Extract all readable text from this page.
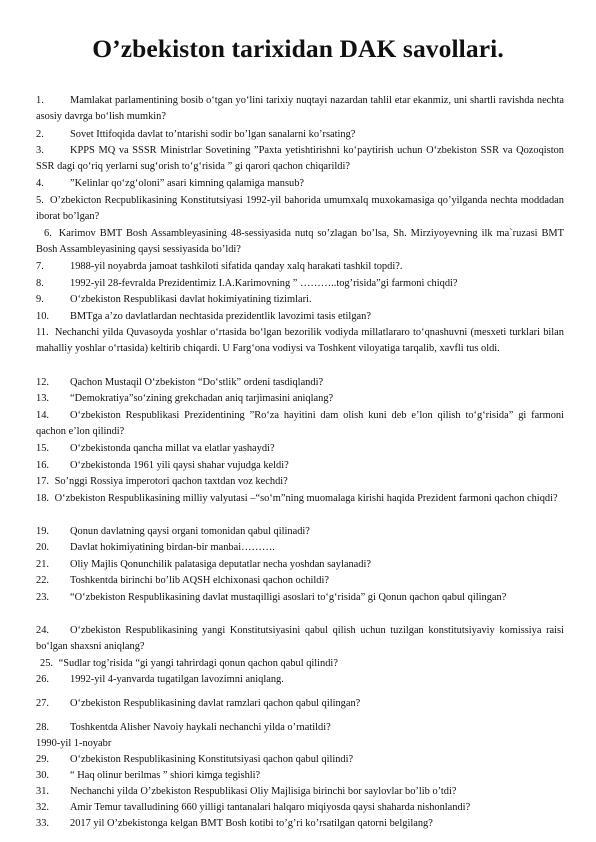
O’zbekiston tarixidan DAK savollari.
1.	Mamlakat parlamentining bosib o‘tgan yo‘lini tarixiy nuqtayi nazardan tahlil etar ekanmiz, uni shartli ravishda nechta asosiy davrga bo‘lish mumkin?
2.	Sovet Ittifoqida davlat to’ntarishi sodir bo’lgan sanalarni ko’rsating?
3.	KPPS MQ va SSSR Ministrlar Sovetining ”Paxta yetishtirishni ko‘paytirish uchun O‘zbekiston SSR va Qozoqiston SSR dagi qo‘riq yerlarni sug‘orish to‘g‘risida ” gi qarori qachon chiqarildi?
4.	”Kelinlar qo‘zg‘oloni” asari kimning qalamiga mansub?
5. O’zbekicton Recpublikasining Konstitutsiyasi 1992-yil bahorida umumxalq muxokamasiga qo’yilganda nechta moddadan iborat bo’lgan?
6. Karimov BMT Bosh Assambleyasining 48-sessiyasida nutq so’zlagan bo’lsa, Sh. Mirziyoyevning ilk ma`ruzasi BMT Bosh Assambleyasining qaysi sessiyasida bo’ldi?
7.	1988-yil noyabrda jamoat tashkiloti sifatida qanday xalq harakati tashkil topdi?.
8.	1992-yil 28-fevralda Prezidentimiz I.A.Karimovning ” ………..tog’risida”gi farmoni chiqdi?
9.	O‘zbekiston Respublikasi davlat hokimiyatining tizimlari.
10. BMTga a’zo davlatlardan nechtasida prezidentlik lavozimi tasis etilgan?
11. Nechanchi yilda Quvasoyda yoshlar o‘rtasida bo‘lgan bezorilik vodiyda millatlararo to‘qnashuvni (mesxeti turklari bilan mahalliy yoshlar o‘rtasida) keltirib chiqardi. U Farg‘ona vodiysi va Toshkent viloyatiga tarqalib, xavfli tus oldi.
12. Qachon Mustaqil O‘zbekiston “Do‘stlik” ordeni tasdiqlandi?
13. “Demokratiya”so‘zining grekchadan aniq tarjimasini aniqlang?
14. O‘zbekiston Respublikasi Prezidentining ”Ro‘za hayitini dam olish kuni deb e’lon qilish to‘g‘risida” gi farmoni qachon e’lon qilindi?
15. O‘zbekistonda qancha millat va elatlar yashaydi?
16. O‘zbekistonda 1961 yili qaysi shahar vujudga keldi?
17. So’nggi Rossiya imperotori qachon taxtdan voz kechdi?
18. O‘zbekiston Respublikasining milliy valyutasi –“so‘m”ning muomalaga kirishi haqida Prezident farmoni qachon chiqdi?
19. Qonun davlatning qaysi organi tomonidan qabul qilinadi?
20. Davlat hokimiyatining birdan-bir manbai……….
21. Oliy Majlis Qonunchilik palatasiga deputatlar necha yoshdan saylanadi?
22. Toshkentda birinchi bo’lib AQSH elchixonasi qachon ochildi?
23. “O‘zbekiston Respublikasining davlat mustaqilligi asoslari to‘g‘risida” gi Qonun qachon qabul qilingan?
24. O‘zbekiston Respublikasining yangi Konstitutsiyasini qabul qilish uchun tuzilgan konstitutsiyaviy komissiya raisi bo‘lgan shaxsni aniqlang?
25. “Sudlar tog’risida “gi yangi tahrirdagi qonun qachon qabul qilindi?
26. 1992-yil 4-yanvarda tugatilgan lavozimni aniqlang.
27. O‘zbekiston Respublikasining davlat ramzlari qachon qabul qilingan?
28. Toshkentda Alisher Navoiy haykali nechanchi yilda o’rnatildi?
1990-yil 1-noyabr
29. O‘zbekiston Respublikasining Konstitutsiyasi qachon qabul qilindi?
30. “ Haq olinur berilmas ” shiori kimga tegishli?
31. Nechanchi yilda O’zbekiston Respublikasi Oliy Majlisiga birinchi bor saylovlar bo’lib o’tdi?
32. Amir Temur tavalludining 660 yilligi tantanalari halqaro miqiyosda qaysi shaharda nishonlandi?
33. 2017 yil O’zbekistonga kelgan BMT Bosh kotibi to’g’ri ko’rsatilgan qatorni belgilang?
